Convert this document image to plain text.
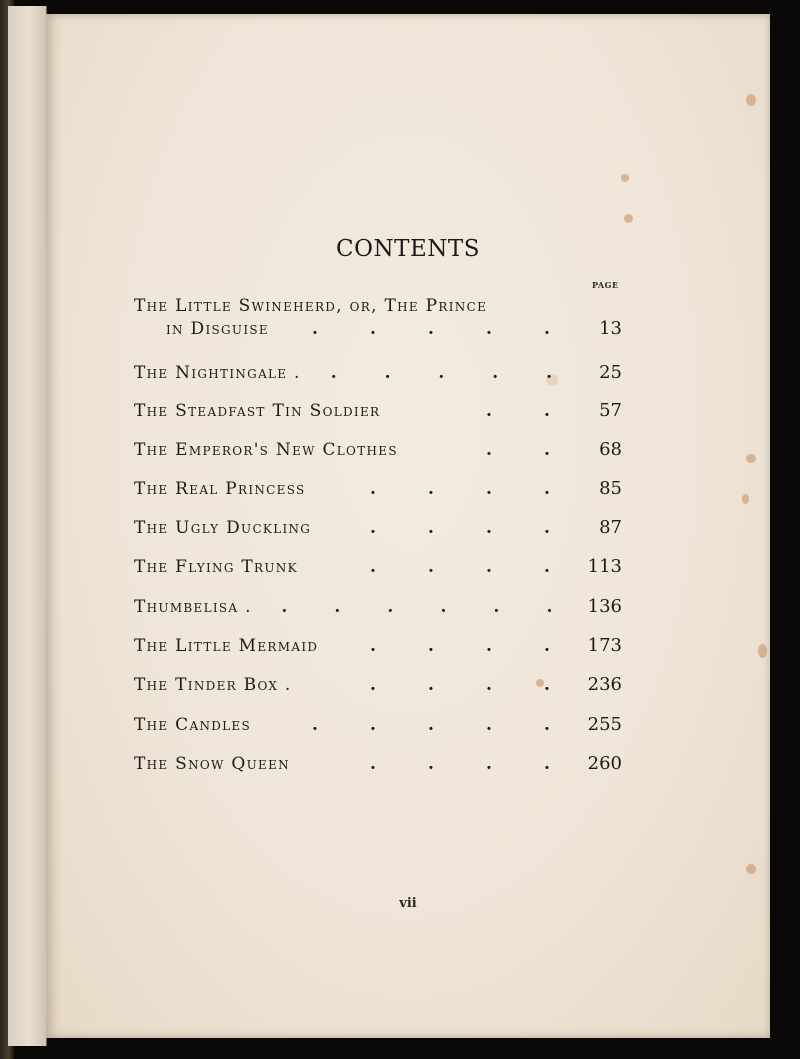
CONTENTS
PAGE
The Little Swineherd, or, The Prince
in Disguise	.	.	.	.	.	13
The Nightingale .	.	.	.	.	.	25
The Steadfast Tin Soldier	.	.	57
The Emperor's New Clothes	.	.	68
The Real Princess	.	.	.	.	85
The Ugly Duckling	.	.	.	.	87
The Flying Trunk	.	.	.	.	113
Thumbelisa .	.	.	.	.	.	.	136
The Little Mermaid	.	.	.	.	173
The Tinder Box .	.	.	.	.	236
The Candles	.	.	.	.	.	255
The Snow Queen	.	.	.	.	260
vii
